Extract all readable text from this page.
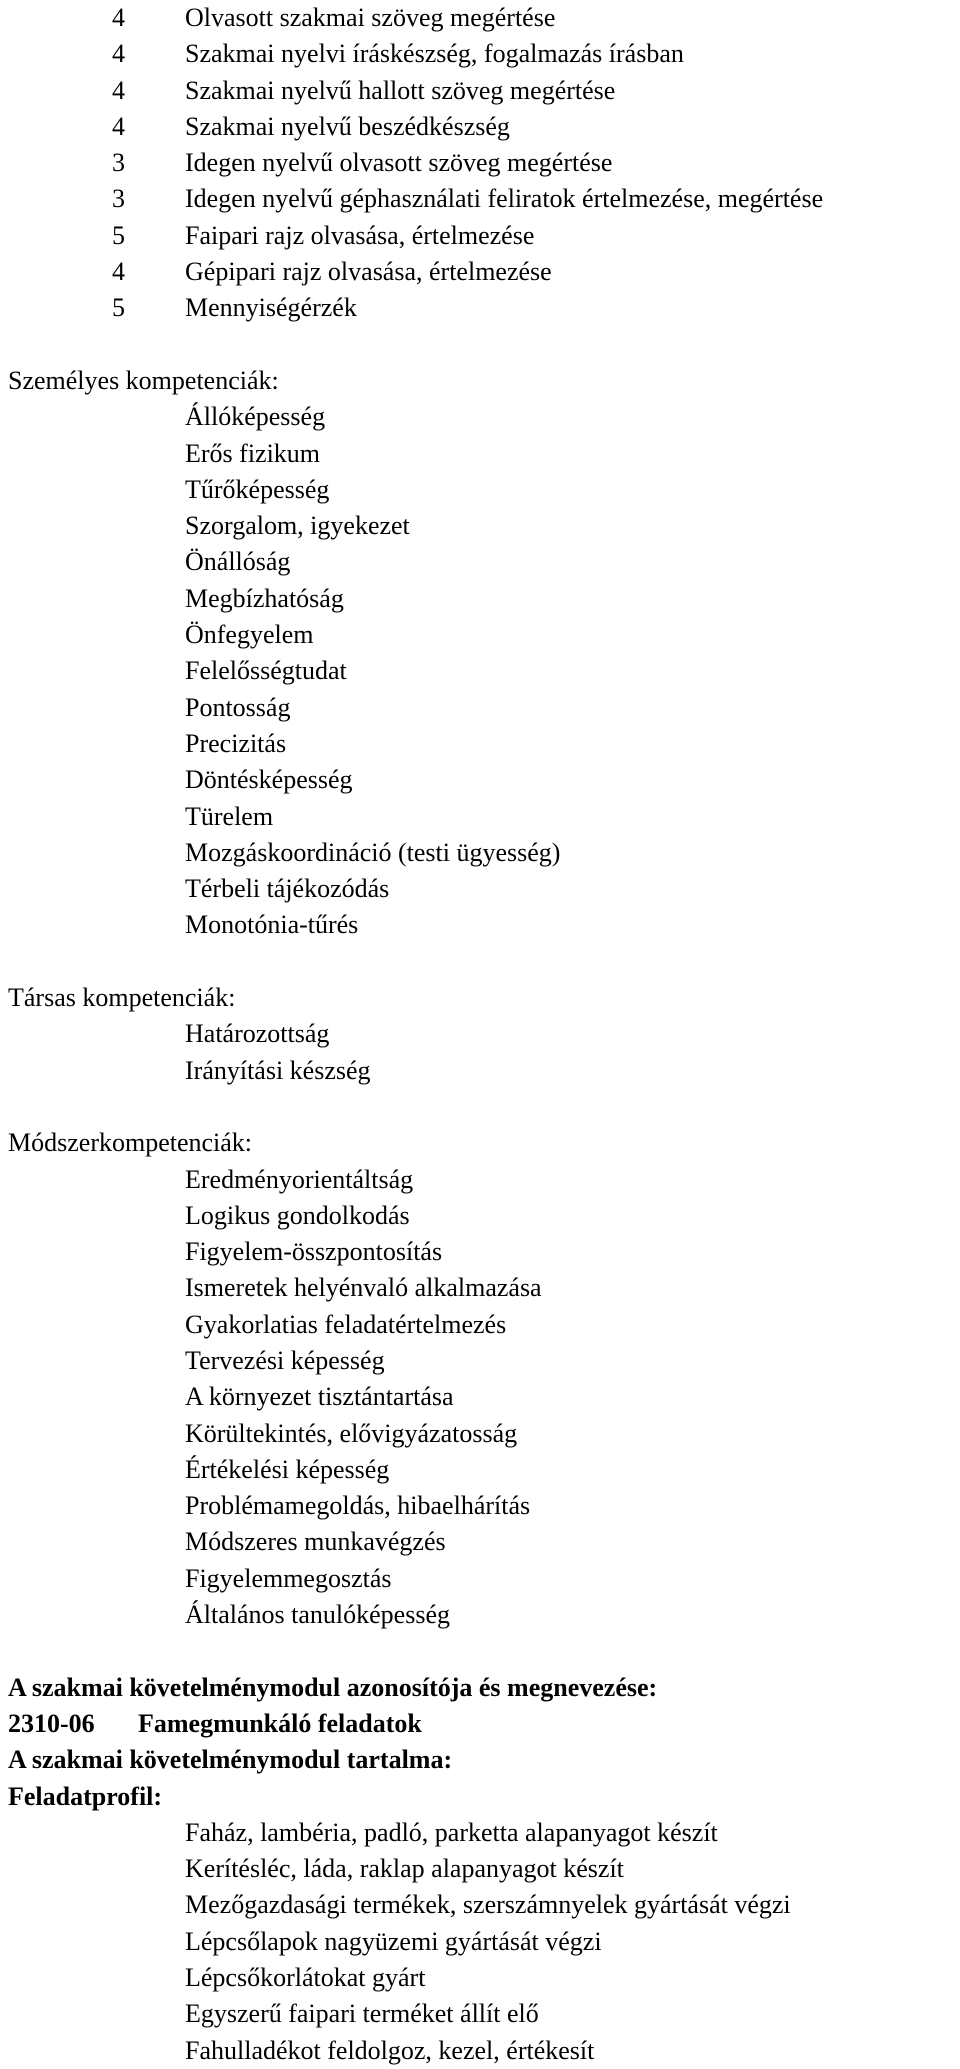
4 Olvasott szakmai szöveg megértése
4 Szakmai nyelvi íráskészség, fogalmazás írásban
4 Szakmai nyelvű hallott szöveg megértése
4 Szakmai nyelvű beszédkészség
3 Idegen nyelvű olvasott szöveg megértése
3 Idegen nyelvű géphasználati feliratok értelmezése, megértése
5 Faipari rajz olvasása, értelmezése
4 Gépipari rajz olvasása, értelmezése
5 Mennyiségérzék
Személyes kompetenciák:
Állóképesség
Erős fizikum
Tűrőképesség
Szorgalom, igyekezet
Önállóság
Megbízhatóság
Önfegyelem
Felelősségtudat
Pontosság
Precizitás
Döntésképesség
Türelem
Mozgáskoordináció (testi ügyesség)
Térbeli tájékozódás
Monotónia-tűrés
Társas kompetenciák:
Határozottság
Irányítási készség
Módszerkompetenciák:
Eredményorientáltság
Logikus gondolkodás
Figyelem-összpontosítás
Ismeretek helyénvaló alkalmazása
Gyakorlatias feladatértelmezés
Tervezési képesség
A környezet tisztántartása
Körültekintés, elővigyázatosság
Értékelési képesség
Problémamegoldás, hibaelhárítás
Módszeres munkavégzés
Figyelemmegosztás
Általános tanulóképesség
A szakmai követelménymodul azonosítója és megnevezése:
2310-06 Famegmunkáló feladatok
A szakmai követelménymodul tartalma:
Feladatprofil:
Faház, lambéria, padló, parketta alapanyagot készít
Kerítésléc, láda, raklap alapanyagot készít
Mezőgazdasági termékek, szerszámnyelek gyártását végzi
Lépcsőlapok nagyüzemi gyártását végzi
Lépcsőkorlátokat gyárt
Egyszerű faipari terméket állít elő
Fahulladékot feldolgoz, kezel, értékesít
